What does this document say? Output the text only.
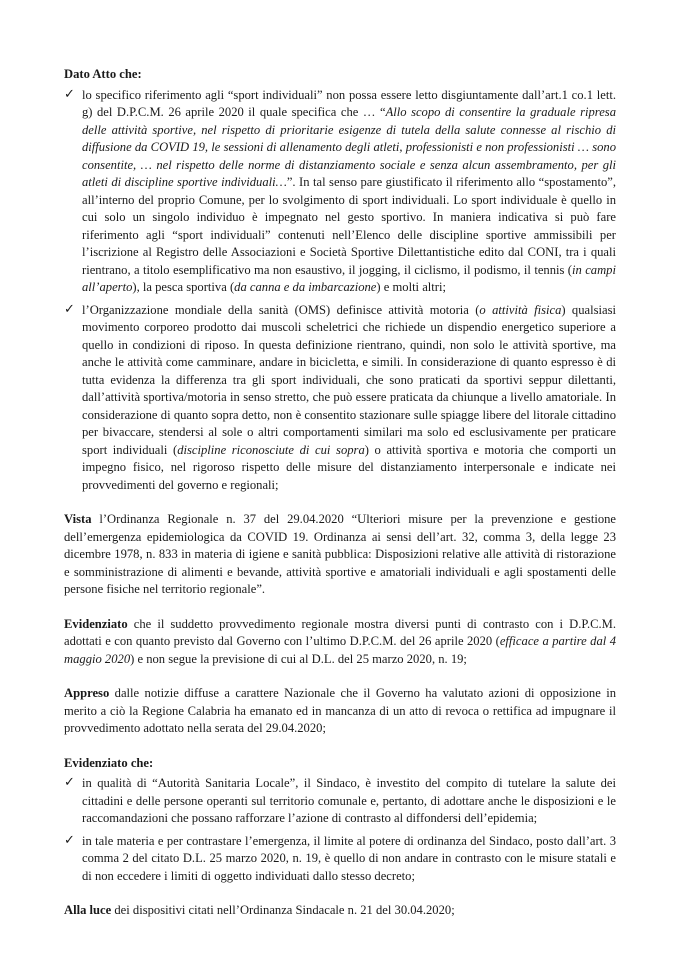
Dato Atto che:

✓ lo specifico riferimento agli “sport individuali” non possa essere letto disgiuntamente dall’art.1 co.1 lett. g) del D.P.C.M. 26 aprile 2020 il quale specifica che … “Allo scopo di consentire la graduale ripresa delle attività sportive, nel rispetto di prioritarie esigenze di tutela della salute connesse al rischio di diffusione da COVID 19, le sessioni di allenamento degli atleti, professionisti e non professionisti … sono consentite, … nel rispetto delle norme di distanziamento sociale e senza alcun assembramento, per gli atleti di discipline sportive individuali…”. In tal senso pare giustificato il riferimento allo “spostamento”, all’interno del proprio Comune, per lo svolgimento di sport individuali. Lo sport individuale è quello in cui solo un singolo individuo è impegnato nel gesto sportivo. In maniera indicativa si può fare riferimento agli “sport individuali” contenuti nell’Elenco delle discipline sportive ammissibili per l’iscrizione al Registro delle Associazioni e Società Sportive Dilettantistiche edito dal CONI, tra i quali rientrano, a titolo esemplificativo ma non esaustivo, il jogging, il ciclismo, il podismo, il tennis (in campi all’aperto), la pesca sportiva (da canna e da imbarcazione) e molti altri;
✓ l’Organizzazione mondiale della sanità (OMS) definisce attività motoria (o attività fisica) qualsiasi movimento corporeo prodotto dai muscoli scheletrici che richiede un dispendio energetico superiore a quello in condizioni di riposo. In questa definizione rientrano, quindi, non solo le attività sportive, ma anche le attività come camminare, andare in bicicletta, e simili. In considerazione di quanto espresso è di tutta evidenza la differenza tra gli sport individuali, che sono praticati da sportivi seppur dilettanti, dall’attività sportiva/motoria in senso stretto, che può essere praticata da chiunque a livello amatoriale. In considerazione di quanto sopra detto, non è consentito stazionare sulle spiagge libere del litorale cittadino per bivaccare, stendersi al sole o altri comportamenti similari ma solo ed esclusivamente per praticare sport individuali (discipline riconosciute di cui sopra) o attività sportiva e motoria che comporti un impegno fisico, nel rigoroso rispetto delle misure del distanziamento interpersonale e indicate nei provvedimenti del governo e regionali;

Vista l’Ordinanza Regionale n. 37 del 29.04.2020 “Ulteriori misure per la prevenzione e gestione dell’emergenza epidemiologica da COVID 19. Ordinanza ai sensi dell’art. 32, comma 3, della legge 23 dicembre 1978, n. 833 in materia di igiene e sanità pubblica: Disposizioni relative alle attività di ristorazione e somministrazione di alimenti e bevande, attività sportive e amatoriali individuali e agli spostamenti delle persone fisiche nel territorio regionale”.

Evidenziato che il suddetto provvedimento regionale mostra diversi punti di contrasto con i D.P.C.M. adottati e con quanto previsto dal Governo con l’ultimo D.P.C.M. del 26 aprile 2020 (efficace a partire dal 4 maggio 2020) e non segue la previsione di cui al D.L. del 25 marzo 2020, n. 19;

Appreso dalle notizie diffuse a carattere Nazionale che il Governo ha valutato azioni di opposizione in merito a ciò la Regione Calabria ha emanato ed in mancanza di un atto di revoca o rettifica ad impugnare il provvedimento adottato nella serata del 29.04.2020;

Evidenziato che:

✓ in qualità di “Autorità Sanitaria Locale”, il Sindaco, è investito del compito di tutelare la salute dei cittadini e delle persone operanti sul territorio comunale e, pertanto, di adottare anche le disposizioni e le raccomandazioni che possano rafforzare l’azione di contrasto al diffondersi dell’epidemia;
✓ in tale materia e per contrastare l’emergenza, il limite al potere di ordinanza del Sindaco, posto dall’art. 3 comma 2 del citato D.L. 25 marzo 2020, n. 19, è quello di non andare in contrasto con le misure statali e di non eccedere i limiti di oggetto individuati dallo stesso decreto;

Alla luce dei dispositivi citati nell’Ordinanza Sindacale n. 21 del 30.04.2020;
